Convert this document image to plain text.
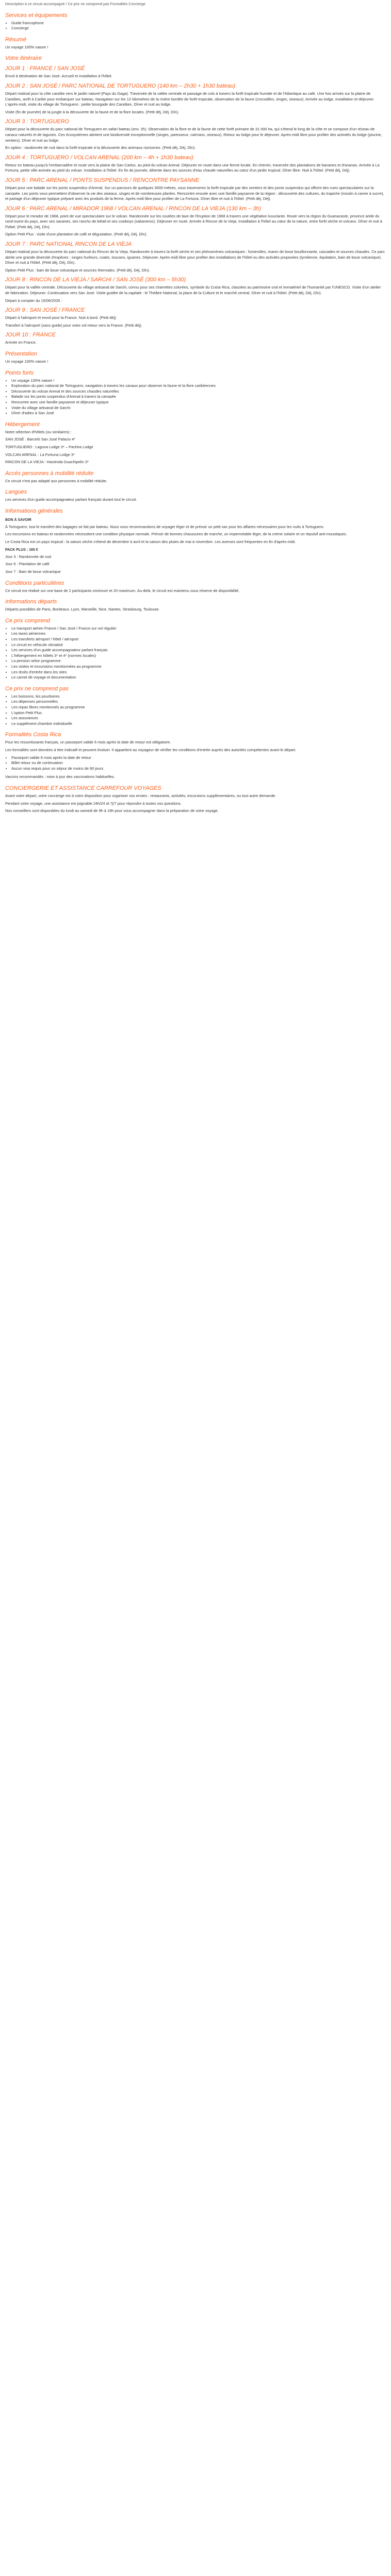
Description à ce circuit accompagné / Ce prix ne comprend pas Formalités Concierge
Services et équipements
• Guide francophone
• Concierge
Résumé

Un voyage 100% nature !

Votre itinéraire
JOUR 1 : FRANCE / SAN JOSÉ

Envol à destination de San José. Accueil et installation à l'hôtel.

JOUR 2 : SAN JOSÉ / PARC NATIONAL DE TORTUGUERO (140 km – 2h30 + 1h30 bateau)

Départ matinal pour la côte caraïbe vers le jardin naturel (Pays du Gaga). Traversée de la vallée centrale et passage de cols à travers la forêt tropicale humide et de l'Atlantique au café. Une fois arrivés sur la plaine de Caraïbes, arrêt à Caribe pour embarquer sur bateau. Navigation sur les 12 kilomètres de la rivière bordée de forêt tropicale, observation de la faune (crocodiles, singes, oiseaux). Arrivée au lodge, installation et déjeuner. L'après-midi, visite du village de Tortuguero : petite bourgade des Caraïbes. Dîner et nuit au lodge.

Visite (fin de journée) de la jungle à la découverte de la faune et de la flore locales. (Petit déj, Déj, Dîn).

JOUR 3 : TORTUGUERO

Départ pour la découverte du parc national de Tortuguero en safari bateau (env. 2h). Observation de la flore et de la faune de cette forêt primaire de 31 000 ha, qui s'étend le long de la côte et se compose d'un réseau de canaux naturels et de lagunes. Ces écosystèmes abritent une biodiversité exceptionnelle (singes, paresseux, caïmans, oiseaux). Retour au lodge pour le déjeuner. Après-midi libre pour profiter des activités du lodge (piscine, sentiers). Dîner et nuit au lodge.

En option : randonnée de nuit dans la forêt tropicale à la découverte des animaux nocturnes. (Petit déj, Déj, Dîn).

JOUR 4 : TORTUGUERO / VOLCAN ARENAL (200 km – 4h + 1h30 bateau)

Retour en bateau jusqu'à l'embarcadère et route vers la plaine de San Carlos, au pied du volcan Arenal. Déjeuner en route dans une ferme locale. En chemin, traversée des plantations de bananes et d'ananas. Arrivée à La Fortuna, petite ville animée au pied du volcan. Installation à l'hôtel. En fin de journée, détente dans les sources d'eau chaude naturelles au cœur d'un jardin tropical. Dîner libre. Nuit à l'hôtel. (Petit déj, Déj).

JOUR 5 : PARC ARENAL / PONTS SUSPENDUS / RENCONTRE PAYSANNE

Départ pour une balade sur les ponts suspendus d'Arenal. Sur un parcours de quelques 3000 mètres, vous traverserez la forêt tropicale par des sentiers et des ponts suspendus qui offrent des vues spectaculaires sur la canopée. Les ponts vous permettent d'observer la vie des oiseaux, singes et de nombreuses plantes. Rencontre ensuite avec une famille paysanne de la région : découverte des cultures, du trapiche (moulin à canne à sucre), et partage d'un déjeuner typique préparé avec les produits de la ferme. Après-midi libre pour profiter de La Fortuna. Dîner libre et nuit à l'hôtel. (Petit déj, Déj).

JOUR 6 : PARC ARENAL / MIRADOR 1968 / VOLCAN ARENAL / RINCON DE LA VIEJA (130 km – 3h)

Départ pour le mirador de 1968, point de vue spectaculaire sur le volcan. Randonnée sur les coulées de lave de l'éruption de 1968 à travers une végétation luxuriante. Route vers la région du Guanacaste, province aride du nord-ouest du pays, avec ses savanes, ses ranchs de bétail et ses cowboys (sabaneros). Déjeuner en route. Arrivée à Rincon de la Vieja. Installation à l'hôtel au cœur de la nature, entre forêt sèche et volcans. Dîner et nuit à l'hôtel. (Petit déj, Déj, Dîn).

Option Petit Plus : visite d'une plantation de café et dégustation. (Petit déj, Déj, Dîn).

JOUR 7 : PARC NATIONAL RINCON DE LA VIEJA

Départ matinal pour la découverte du parc national du Rincon de la Vieja. Randonnée à travers la forêt sèche et ses phénomènes volcaniques : fumerolles, mares de boue bouillonnante, cascades et sources chaudes. Ce parc abrite une grande diversité d'espèces : singes hurleurs, coatis, toucans, iguanes. Déjeuner. Après-midi libre pour profiter des installations de l'hôtel ou des activités proposées (tyrolienne, équitation, bain de boue volcanique). Dîner et nuit à l'hôtel. (Petit déj, Déj, Dîn).

Option Petit Plus : bain de boue volcanique et sources thermales. (Petit déj, Déj, Dîn).

JOUR 8 : RINCON DE LA VIEJA / SARCHI / SAN JOSÉ (300 km – 5h30)

Départ pour la vallée centrale. Découverte du village artisanal de Sarchi, connu pour ses charrettes colorées, symbole du Costa Rica, classées au patrimoine oral et immatériel de l'humanité par l'UNESCO. Visite d'un atelier de fabrication. Déjeuner. Continuation vers San José. Visite guidée de la capitale : le Théâtre National, la place de la Culture et le marché central. Dîner et nuit à l'hôtel. (Petit déj, Déj, Dîn).

Départ à compter du 15/06/2026 :

JOUR 9 : SAN JOSÉ / FRANCE

Départ à l'aéroport et envol pour la France. Nuit à bord. (Petit déj).

Transfert à l'aéroport (sans guide) pour votre vol retour vers la France. (Petit déj).

JOUR 10 : FRANCE

Arrivée en France.

Présentation

Un voyage 100% nature !

Points forts
• Un voyage 100% nature !
• Exploration du parc national de Tortuguero, navigation à travers les canaux pour observer la faune et la flore caribéennes
• Découverte du volcan Arenal et des sources chaudes naturelles
• Balade sur les ponts suspendus d'Arenal à travers la canopée
• Rencontre avec une famille paysanne et déjeuner typique
• Visite du village artisanal de Sarchi
• Dîner d'adieu à San José
Hébergement

Notre sélection d'hôtels (ou similaires) :

SAN JOSÉ : Barceló San José Palacio 4*

TORTUGUERO : Laguna Lodge 3* – Pachira Lodge

VOLCAN ARENAL : La Fortuna Lodge 3*

RINCON DE LA VIEJA : Hacienda Guachipelin 3*

Accès personnes à mobilité réduite

Ce circuit n'est pas adapté aux personnes à mobilité réduite.

Langues

Les services d'un guide accompagnateur parlant français durant tout le circuit.

Informations générales
BON À SAVOIR

À Tortuguero, tout le transfert des bagages se fait par bateau. Nous vous recommandons de voyager léger et de prévoir un petit sac pour les affaires nécessaires pour les nuits à Tortuguero.

Les excursions en bateau et randonnées nécessitent une condition physique normale. Prévoir de bonnes chaussures de marche, un imperméable léger, de la crème solaire et un répulsif anti-moustiques.

Le Costa Rica est un pays tropical : la saison sèche s'étend de décembre à avril et la saison des pluies de mai à novembre. Les averses sont fréquentes en fin d'après-midi.

PACK PLUS : 165 €

Jour 3 : Randonnée de nuit

Jour 6 : Plantation de café

Jour 7 : Bain de boue volcanique

Conditions particulières

Ce circuit est réalisé sur une base de 2 participants minimum et 20 maximum. Au-delà, le circuit est maintenu sous réserve de disponibilité.

Informations départs

Départs possibles de Paris, Bordeaux, Lyon, Marseille, Nice, Nantes, Strasbourg, Toulouse.

Ce prix comprend
• Le transport aérien France / San José / France sur vol régulier
• Les taxes aériennes
• Les transferts aéroport / hôtel / aéroport
• Le circuit en véhicule climatisé
• Les services d'un guide accompagnateur parlant français
• L'hébergement en hôtels 3* et 4* (normes locales)
• La pension selon programme
• Les visites et excursions mentionnées au programme
• Les droits d'entrée dans les sites
• Le carnet de voyage et documentation
Ce prix ne comprend pas
• Les boissons, les pourboires
• Les dépenses personnelles
• Les repas libres mentionnés au programme
• L'option Petit Plus
• Les assurances
• Le supplément chambre individuelle
Formalités Costa Rica

Pour les ressortissants français, un passeport valide 6 mois après la date de retour est obligatoire.

Les formalités sont données à titre indicatif et peuvent évoluer. Il appartient au voyageur de vérifier les conditions d'entrée auprès des autorités compétentes avant le départ.

• Passeport valide 6 mois après la date de retour
• Billet retour ou de continuation
• Aucun visa requis pour un séjour de moins de 90 jours

Vaccins recommandés : mise à jour des vaccinations habituelles.

CONCIERGERIE ET ASSISTANCE CARREFOUR VOYAGES

Avant votre départ, votre concierge est à votre disposition pour organiser vos envies : restaurants, activités, excursions supplémentaires, ou tout autre demande.

Pendant votre voyage, une assistance est joignable 24h/24 et 7j/7 pour répondre à toutes vos questions.

Nos conseillers sont disponibles du lundi au samedi de 9h à 19h pour vous accompagner dans la préparation de votre voyage.
